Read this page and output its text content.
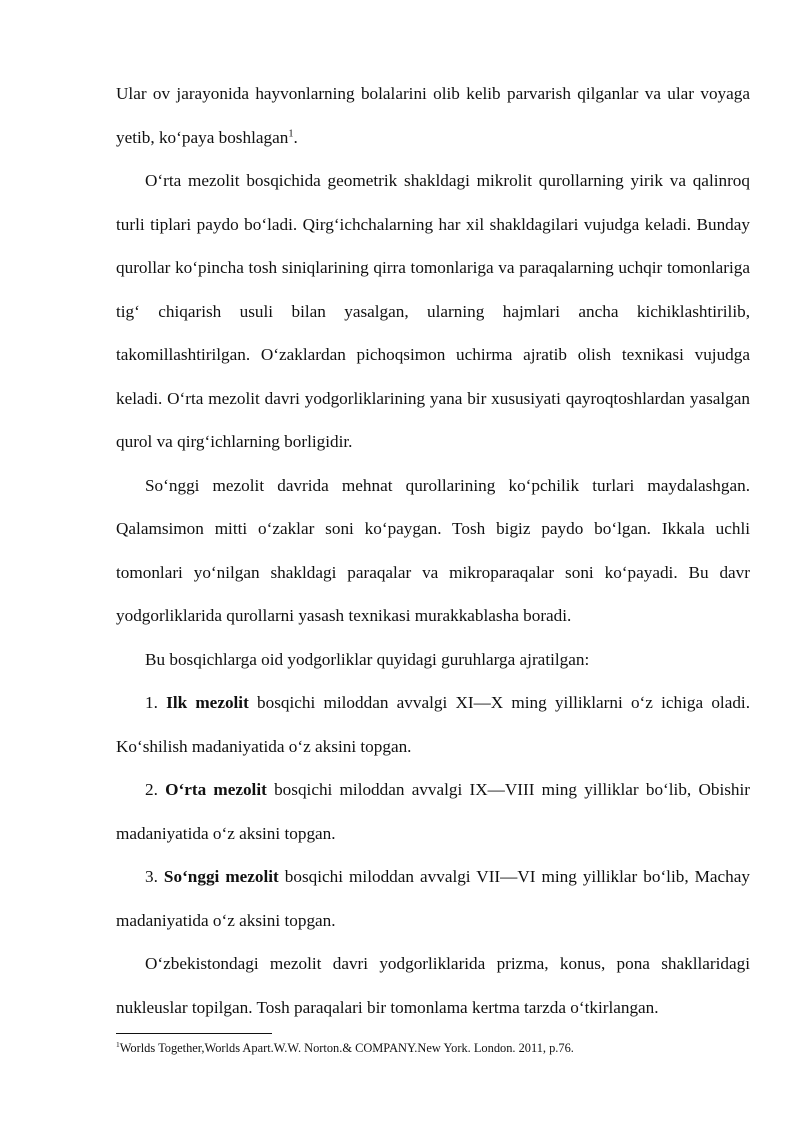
Ular ov jarayonida hayvonlarning bolalarini olib kelib parvarish qilganlar va ular voyaga yetib, ko‘paya boshlagan$^1$.

O‘rta mezolit bosqichida geometrik shakldagi mikrolit qurollarning yirik va qalinroq turli tiplari paydo bo‘ladi. Qirg‘ichchalarning har xil shakldagilari vujudga keladi. Bunday qurollar ko‘pincha tosh siniqlarining qirra tomonlariga va paraqalarning uchqir tomonlariga tig‘ chiqarish usuli bilan yasalgan, ularning hajmlari ancha kichiklashtirilib, takomillashtirilgan. O‘zaklardan pichoqsimon uchirma ajratib olish texnikasi vujudga keladi. O‘rta mezolit davri yodgorliklarining yana bir xususiyati qayroqtoshlardan yasalgan qurol va qirg‘ichlarning borligidir.

So‘nggi mezolit davrida mehnat qurollarining ko‘pchilik turlari maydalashgan. Qalamsimon mitti o‘zaklar soni ko‘paygan. Tosh bigiz paydo bo‘lgan. Ikkala uchli tomonlari yo‘nilgan shakldagi paraqalar va mikroparaqalar soni ko‘payadi. Bu davr yodgorliklarida qurollarni yasash texnikasi murakkablasha boradi.

Bu bosqichlarga oid yodgorliklar quyidagi guruhlarga ajratilgan:

1. Ilk mezolit bosqichi miloddan avvalgi XI—X ming yilliklarni o‘z ichiga oladi. Ko‘shilish madaniyatida o‘z aksini topgan.

2. O‘rta mezolit bosqichi miloddan avvalgi IX—VIII ming yilliklar bo‘lib, Obishir madaniyatida o‘z aksini topgan.

3. So‘nggi mezolit bosqichi miloddan avvalgi VII—VI ming yilliklar bo‘lib, Machay madaniyatida o‘z aksini topgan.

O‘zbekistondagi mezolit davri yodgorliklarida prizma, konus, pona shakllaridagi nukleuslar topilgan. Tosh paraqalari bir tomonlama kertma tarzda o‘tkirlangan.

$^1$Worlds Together,Worlds Apart.W.W. Norton.& COMPANY.New York. London. 2011, p.76.
